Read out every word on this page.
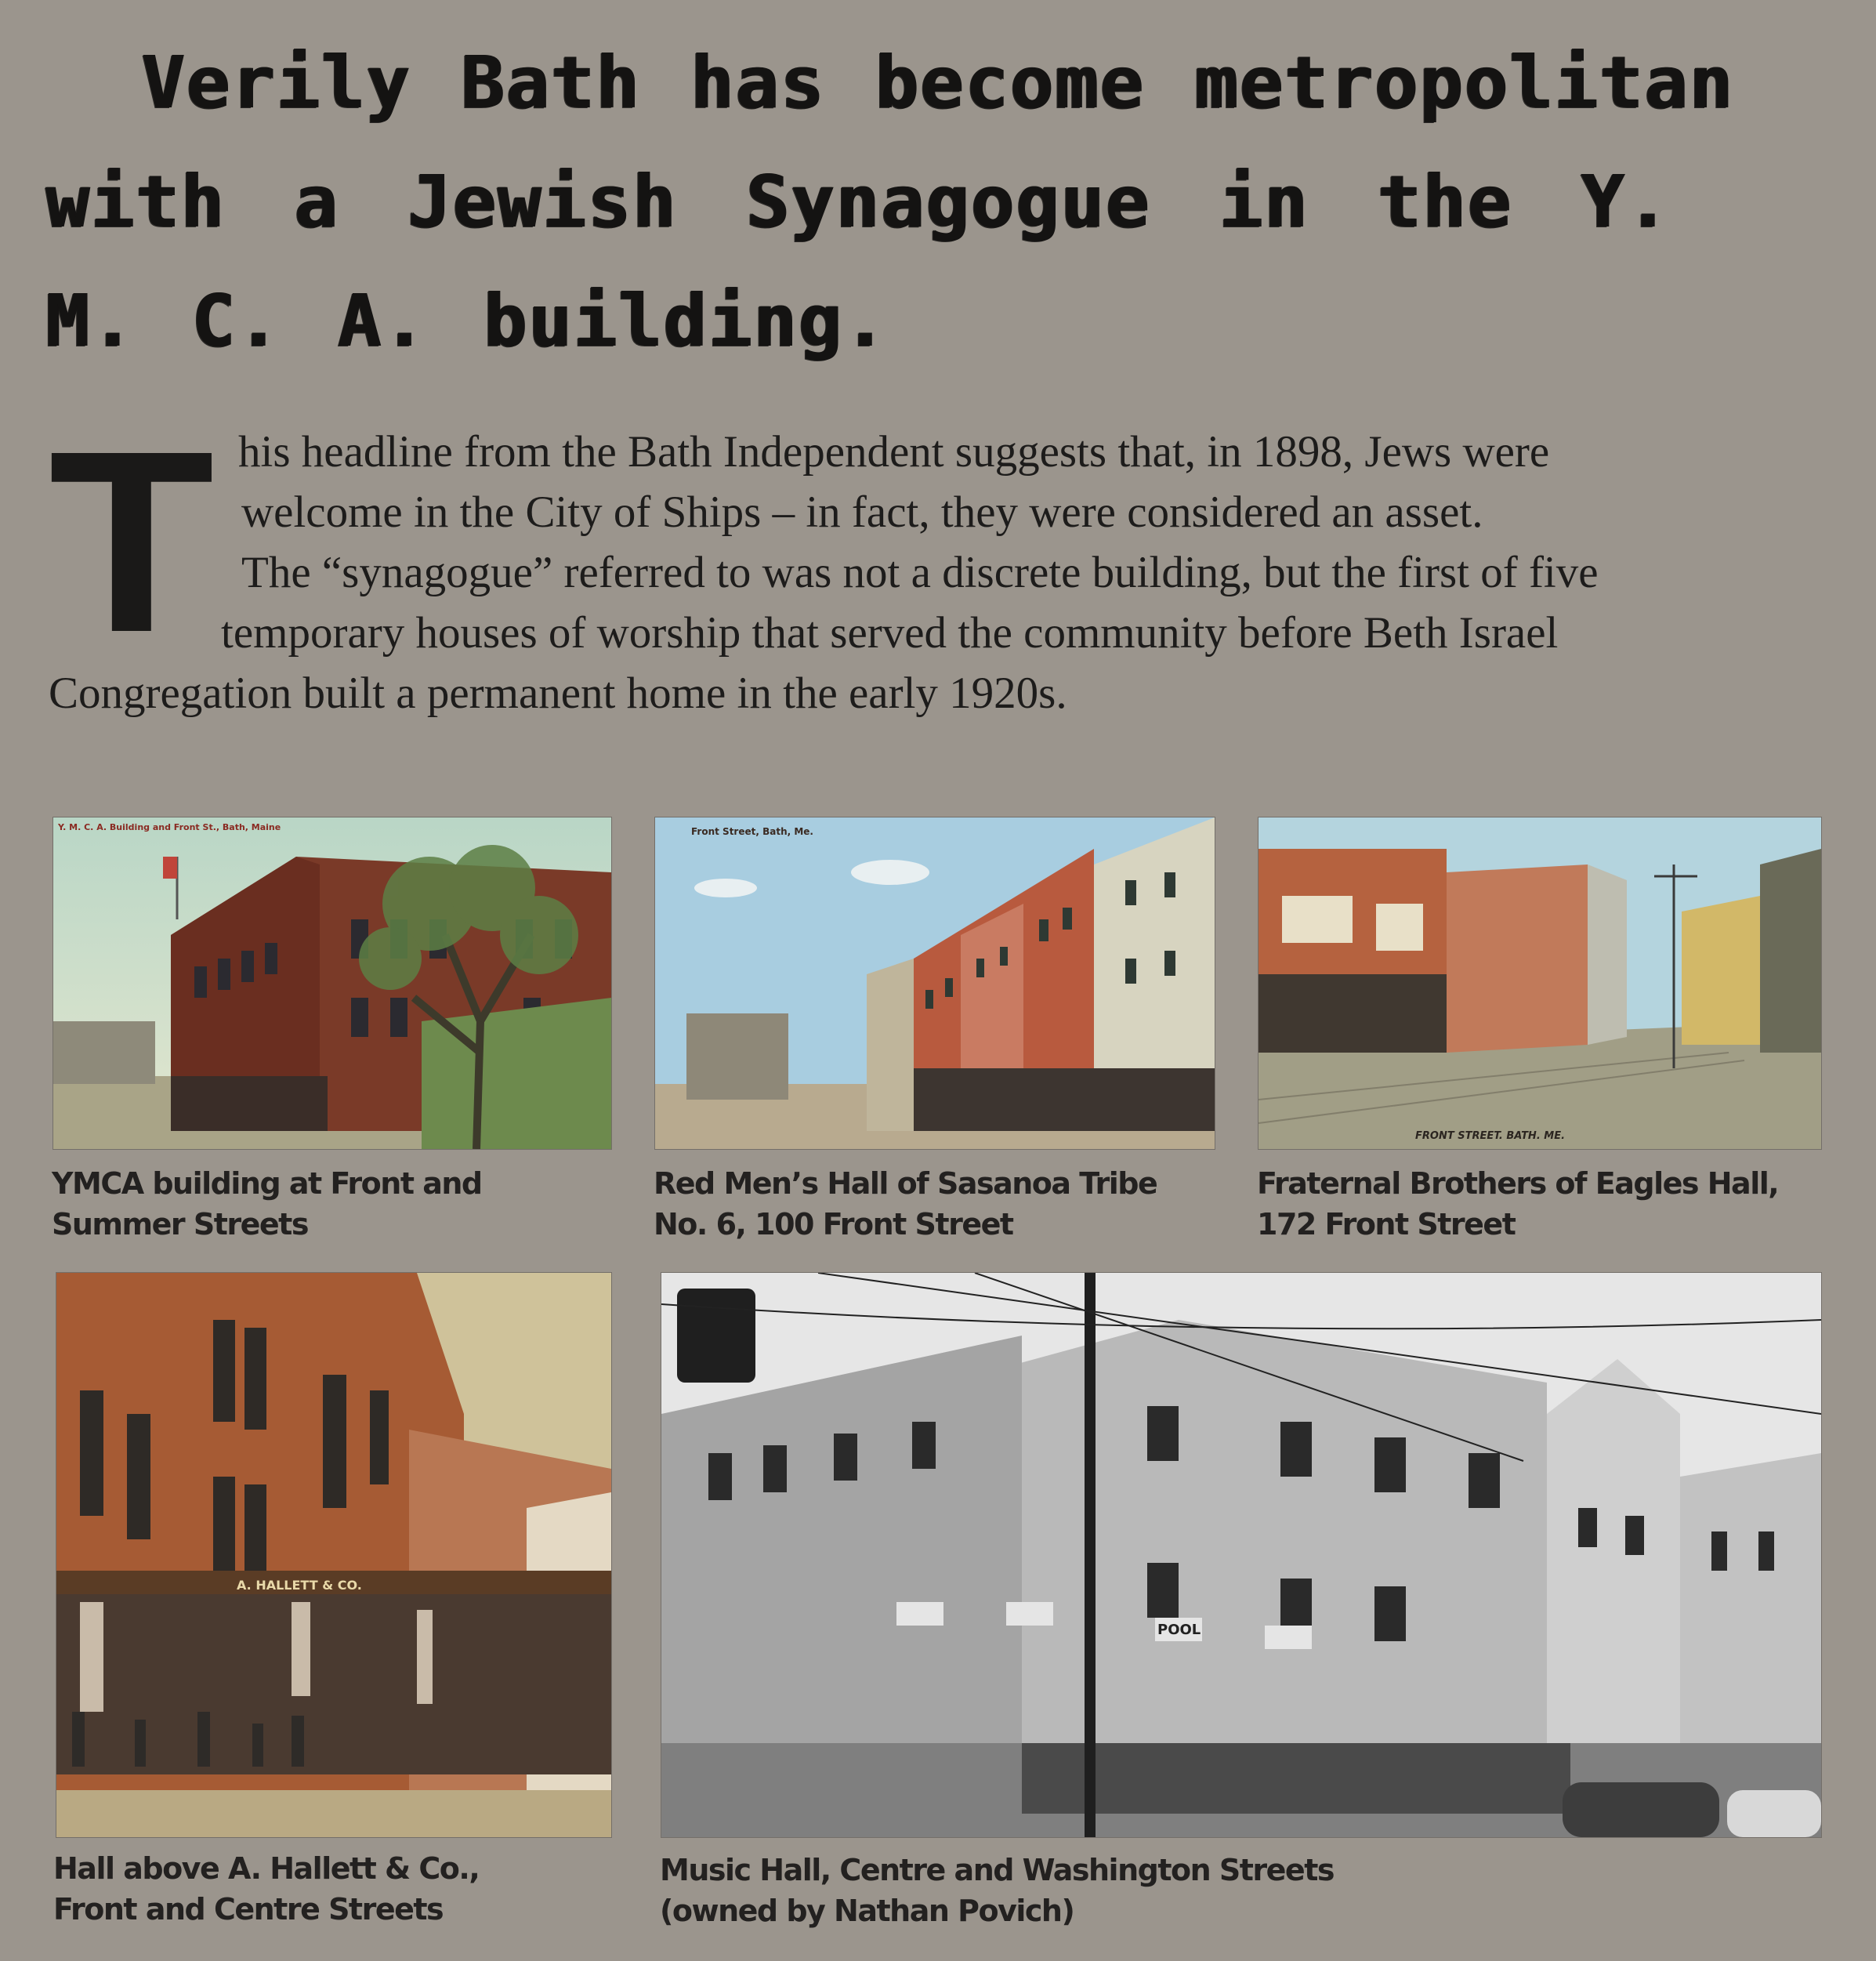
Verily Bath has become metropolitan
with a Jewish Synagogue in the Y.
M. C. A. building.
T his headline from the Bath Independent suggests that, in 1898, Jews were
welcome in the City of Ships – in fact, they were considered an asset.
The “synagogue” referred to was not a discrete building, but the first of five
temporary houses of worship that served the community before Beth Israel
Congregation built a permanent home in the early 1920s.
Y. M. C. A. Building and Front St., Bath, Maine
YMCA building at Front and
Summer Streets
Front Street, Bath, Me.
Red Men’s Hall of Sasanoa Tribe
No. 6, 100 Front Street
FRONT STREET. BATH. ME.
Fraternal Brothers of Eagles Hall,
172 Front Street
A. HALLETT & CO.
Hall above A. Hallett & Co.,
Front and Centre Streets
POOL
Music Hall, Centre and Washington Streets
(owned by Nathan Povich)
